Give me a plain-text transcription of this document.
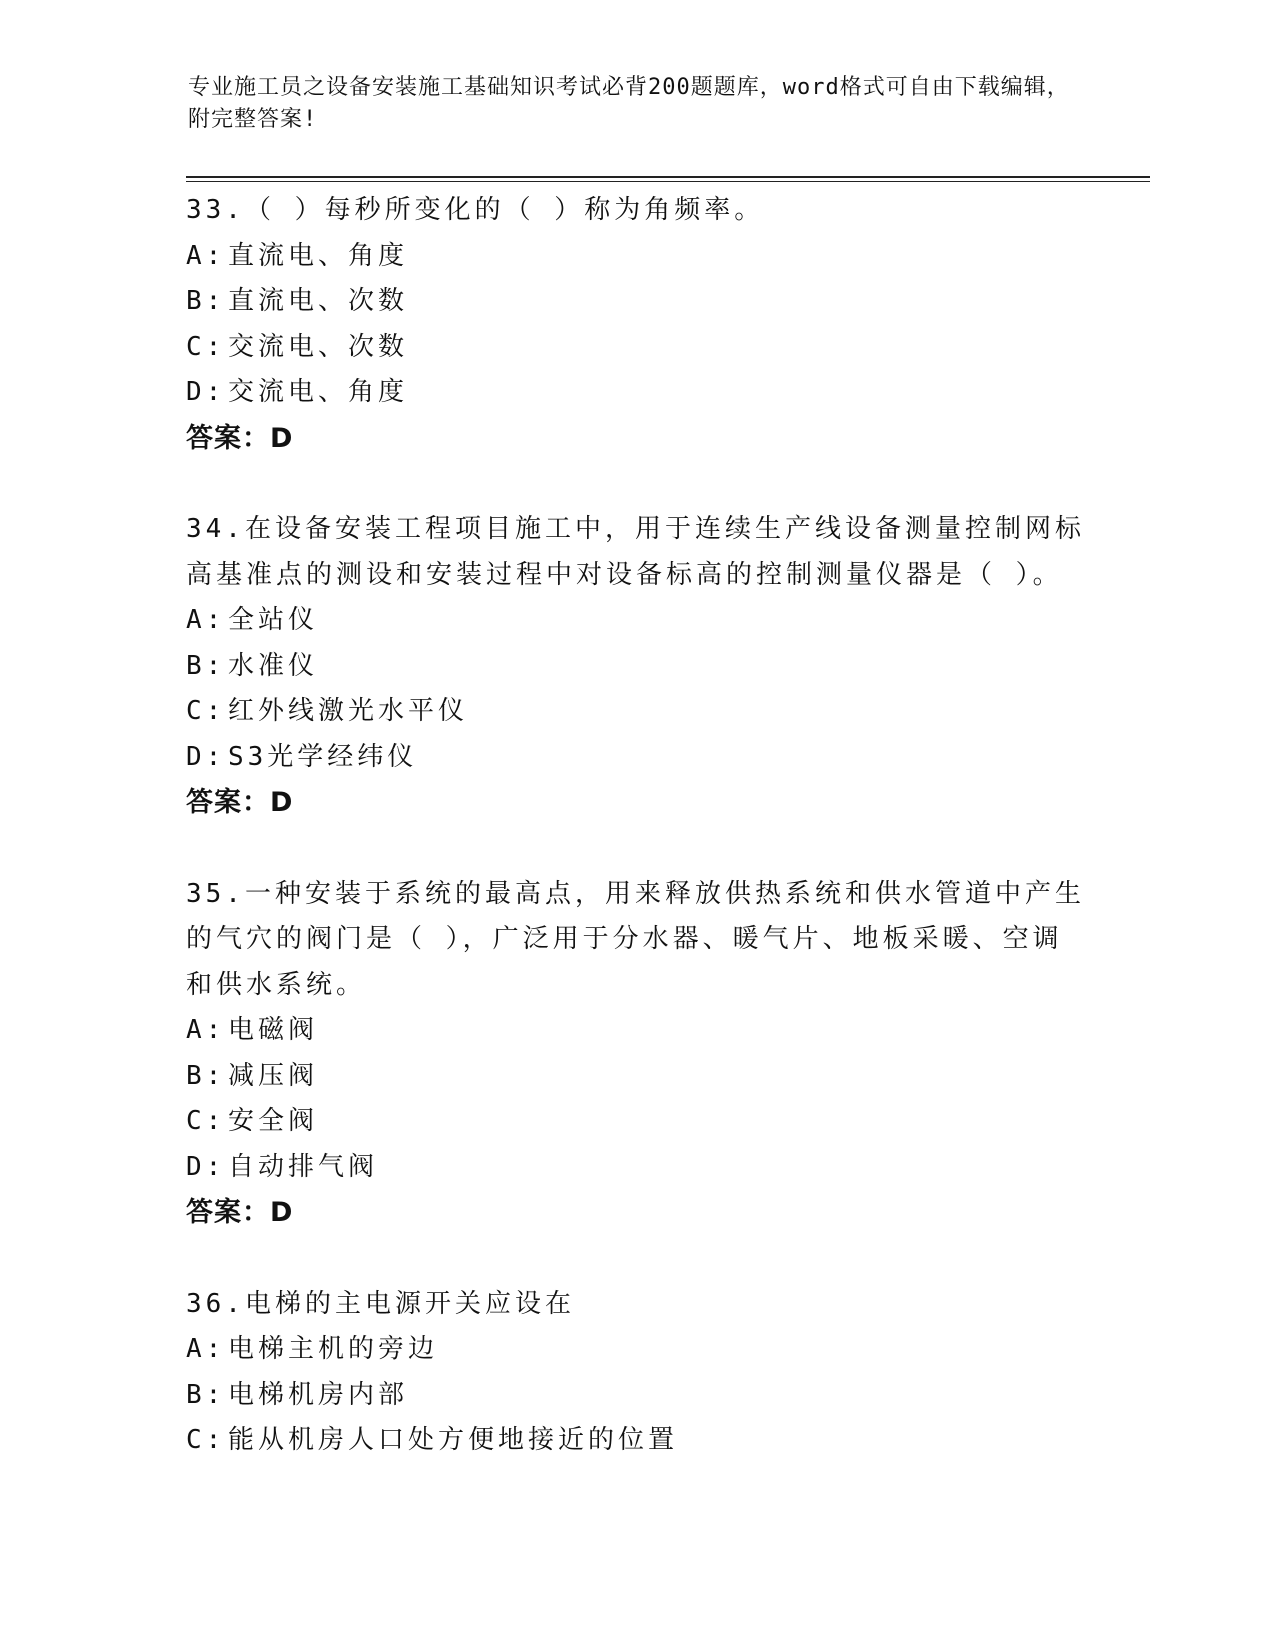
专业施工员之设备安装施工基础知识考试必背200题题库，word格式可自由下载编辑，附完整答案!
33.（ ）每秒所变化的（ ）称为角频率。
A: 直流电、角度
B: 直流电、次数
C: 交流电、次数
D: 交流电、角度
答案：D
34.在设备安装工程项目施工中，用于连续生产线设备测量控制网标高基准点的测设和安装过程中对设备标高的控制测量仪器是（ ）。
A: 全站仪
B: 水准仪
C: 红外线激光水平仪
D: S3光学经纬仪
答案：D
35.一种安装于系统的最高点，用来释放供热系统和供水管道中产生的气穴的阀门是（ ），广泛用于分水器、暖气片、地板采暖、空调和供水系统。
A: 电磁阀
B: 减压阀
C: 安全阀
D: 自动排气阀
答案：D
36.电梯的主电源开关应设在
A: 电梯主机的旁边
B: 电梯机房内部
C: 能从机房人口处方便地接近的位置
